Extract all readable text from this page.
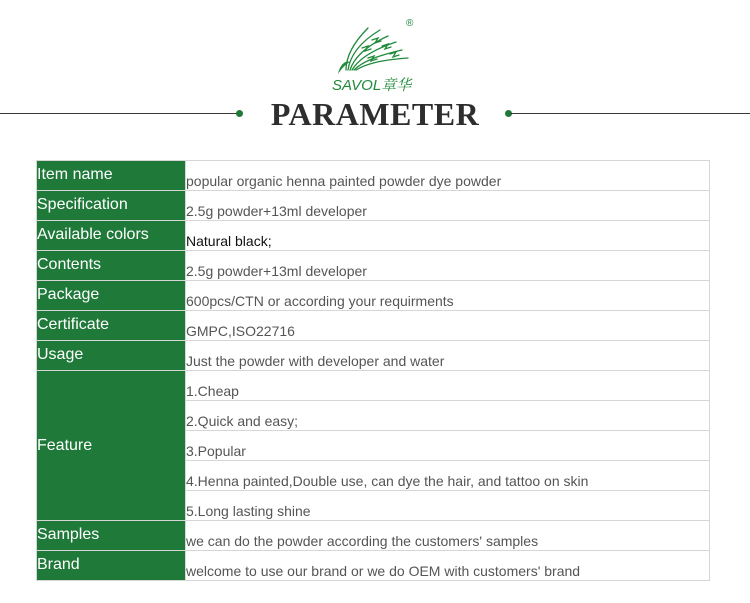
®
SAVOL章华
PARAMETER
Item name	popular organic henna painted powder dye powder
Specification	2.5g powder+13ml developer
Available colors	Natural black;
Contents	2.5g powder+13ml developer
Package	600pcs/CTN or according your requirments
Certificate	GMPC,ISO22716
Usage	Just the powder with developer and water
Feature	1.Cheap
	2.Quick and easy;
	3.Popular
	4.Henna painted,Double use, can dye the hair, and tattoo on skin
	5.Long lasting shine
Samples	we can do the powder according the customers' samples
Brand	welcome to use our brand or we do OEM with customers' brand
